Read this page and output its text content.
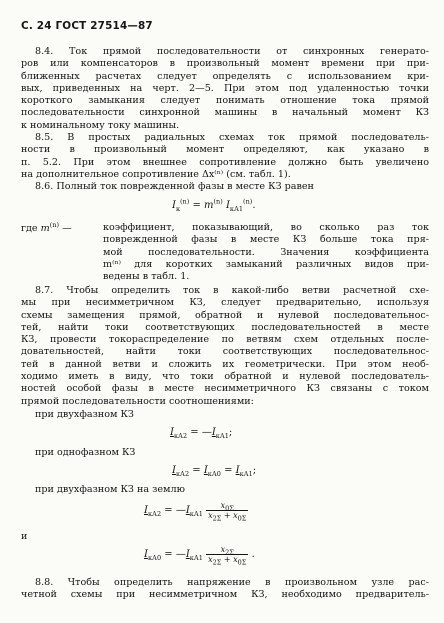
С. 24 ГОСТ 27514—87
8.4. Ток прямой последовательности от синхронных генерато-
ров или компенсаторов в произвольный момент времени при при-
ближенных расчетах следует определять с использованием кри-
вых, приведенных на черт. 2—5. При этом под удаленностью точки
короткого замыкания следует понимать отношение тока прямой
последовательности синхронной машины в начальный момент КЗ
к номинальному току машины.
8.5. В простых радиальных схемах ток прямой последователь-
ности в произвольный момент определяют, как указано в
п. 5.2. При этом внешнее сопротивление должно быть увеличено
на дополнительное сопротивление Δx⁽ⁿ⁾ (см. табл. 1).
8.6. Полный ток поврежденной фазы в месте КЗ равен
$I_к^{(n)} = m^{(n)}$ $I_{кА1}^{(n)}$.
где $m^{(n)}$ —	коэффициент, показывающий, во сколько раз ток
поврежденной фазы в месте КЗ больше тока пря-
мой последовательности. Значения коэффициента
m⁽ⁿ⁾ для коротких замыканий различных видов при-
ведены в табл. 1.
8.7. Чтобы определить ток в какой-либо ветви расчетной схе-
мы при несимметричном КЗ, следует предварительно, используя
схемы замещения прямой, обратной и нулевой последовательнос-
тей, найти токи соответствующих последовательностей в месте
КЗ, провести токораспределение по ветвям схем отдельных после-
довательностей, найти токи соответствующих последовательнос-
тей в данной ветви и сложить их геометрически. При этом необ-
ходимо иметь в виду, что токи обратной и нулевой последователь-
ностей особой фазы в месте несимметричного КЗ связаны с током
прямой последовательности соотношениями:
при двухфазном КЗ
$I_{кА2}$ = $—I_{кА1}$;
при однофазном КЗ
$I_{кА2} = I_{кА0} = I_{кА1}$;
при двухфазном КЗ на землю
$I_{кА2}$ = $—I_{кА1} \frac{x_{0\Sigma}}{x_{2\Sigma} + x_{0\Sigma}}$
и
$I_{кА0}$ = $—I_{кА1} \frac{x_{2\Sigma}}{x_{2\Sigma} + x_{0\Sigma}}$ .
8.8. Чтобы определить напряжение в произвольном узле рас-
четной схемы при несимметричном КЗ, необходимо предваритель-
